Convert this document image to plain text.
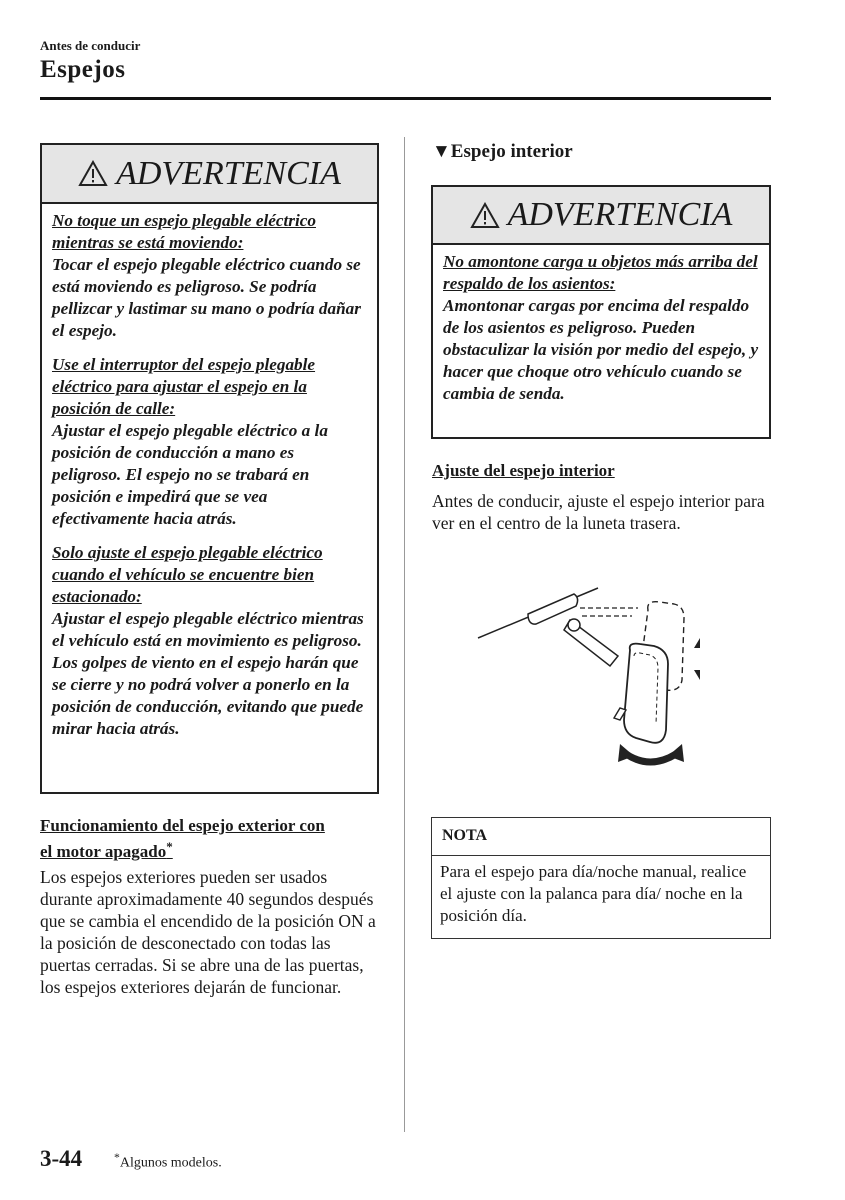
Antes de conducir
Espejos
ADVERTENCIA

No toque un espejo plegable eléctrico mientras se está moviendo:
Tocar el espejo plegable eléctrico cuando se está moviendo es peligroso. Se podría pellizcar y lastimar su mano o podría dañar el espejo.

Use el interruptor del espejo plegable eléctrico para ajustar el espejo en la posición de calle:
Ajustar el espejo plegable eléctrico a la posición de conducción a mano es peligroso. El espejo no se trabará en posición e impedirá que se vea efectivamente hacia atrás.

Solo ajuste el espejo plegable eléctrico cuando el vehículo se encuentre bien estacionado:
Ajustar el espejo plegable eléctrico mientras el vehículo está en movimiento es peligroso. Los golpes de viento en el espejo harán que se cierre y no podrá volver a ponerlo en la posición de conducción, evitando que puede mirar hacia atrás.

Funcionamiento del espejo exterior con
el motor apagado*
Los espejos exteriores pueden ser usados durante aproximadamente 40 segundos después que se cambia el encendido de la posición ON a la posición de desconectado con todas las puertas cerradas. Si se abre una de las puertas, los espejos exteriores dejarán de funcionar.
▼Espejo interior
ADVERTENCIA

No amontone carga u objetos más arriba del respaldo de los asientos:
Amontonar cargas por encima del respaldo de los asientos es peligroso. Pueden obstaculizar la visión por medio del espejo, y hacer que choque otro vehículo cuando se cambia de senda.

Ajuste del espejo interior
Antes de conducir, ajuste el espejo interior para ver en el centro de la luneta trasera.
NOTA
Para el espejo para día/noche manual, realice el ajuste con la palanca para día/ noche en la posición día.
3-44	*Algunos modelos.
